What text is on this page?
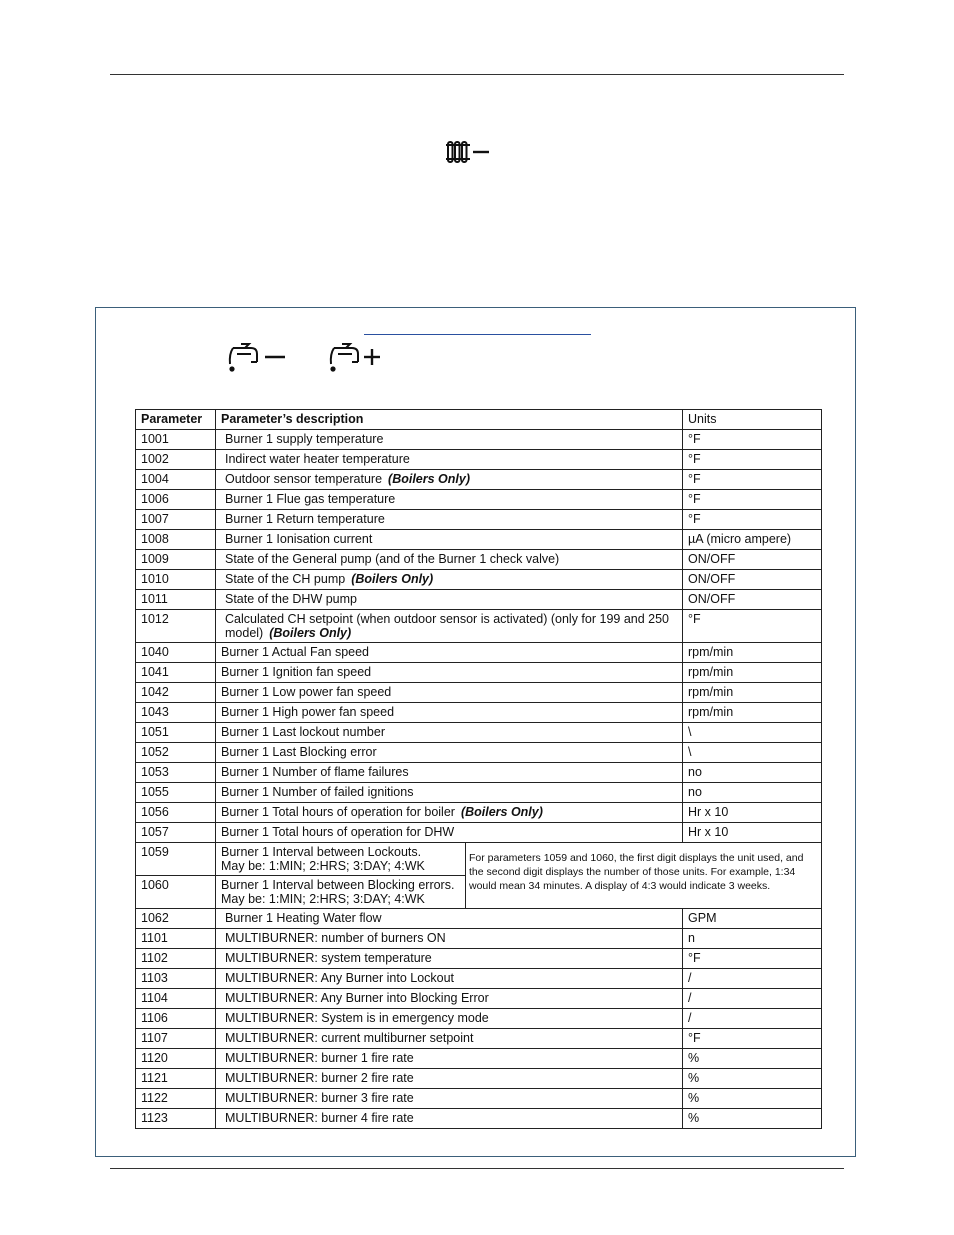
Parameter	Parameter’s description		Units
1001	Burner 1 supply temperature		°F
1002	Indirect water heater temperature		°F
1004	Outdoor sensor temperature (Boilers Only)		°F
1006	Burner 1 Flue gas temperature		°F
1007	Burner 1 Return temperature		°F
1008	Burner 1 Ionisation current		µA (micro ampere)
1009	State of the General pump (and of the Burner 1 check valve)		ON/OFF
1010	State of the CH pump (Boilers Only)		ON/OFF
1011	State of the DHW pump		ON/OFF
1012	Calculated CH setpoint (when outdoor sensor is activated) (only for 199 and 250 model) (Boilers Only)		°F
1040	Burner 1 Actual Fan speed		rpm/min
1041	Burner 1 Ignition fan speed		rpm/min
1042	Burner 1 Low power fan speed		rpm/min
1043	Burner 1 High power fan speed		rpm/min
1051	Burner 1 Last lockout number		\
1052	Burner 1 Last Blocking error		\
1053	Burner 1 Number of flame failures		no
1055	Burner 1 Number of failed ignitions		no
1056	Burner 1 Total hours of operation for boiler (Boilers Only)		Hr x 10
1057	Burner 1 Total hours of operation for DHW		Hr x 10
1059	Burner 1 Interval between Lockouts.
May be: 1:MIN; 2:HRS; 3:DAY; 4:WK	For parameters 1059 and 1060, the first digit displays the unit used, and the second digit displays the number of those units. For example, 1:34 would mean 34 minutes. A display of 4:3 would indicate 3 weeks.	
1060	Burner 1 Interval between Blocking errors.
May be: 1:MIN; 2:HRS; 3:DAY; 4:WK		

1062	Burner 1 Heating Water flow		GPM
1101	MULTIBURNER: number of burners ON		n
1102	MULTIBURNER: system temperature		°F
1103	MULTIBURNER: Any Burner into Lockout		/
1104	MULTIBURNER: Any Burner into Blocking Error		/
1106	MULTIBURNER: System is in emergency mode		/
1107	MULTIBURNER: current multiburner setpoint		°F
1120	MULTIBURNER: burner 1 fire rate		%
1121	MULTIBURNER: burner 2 fire rate		%
1122	MULTIBURNER: burner 3 fire rate		%
1123	MULTIBURNER: burner 4 fire rate		%
